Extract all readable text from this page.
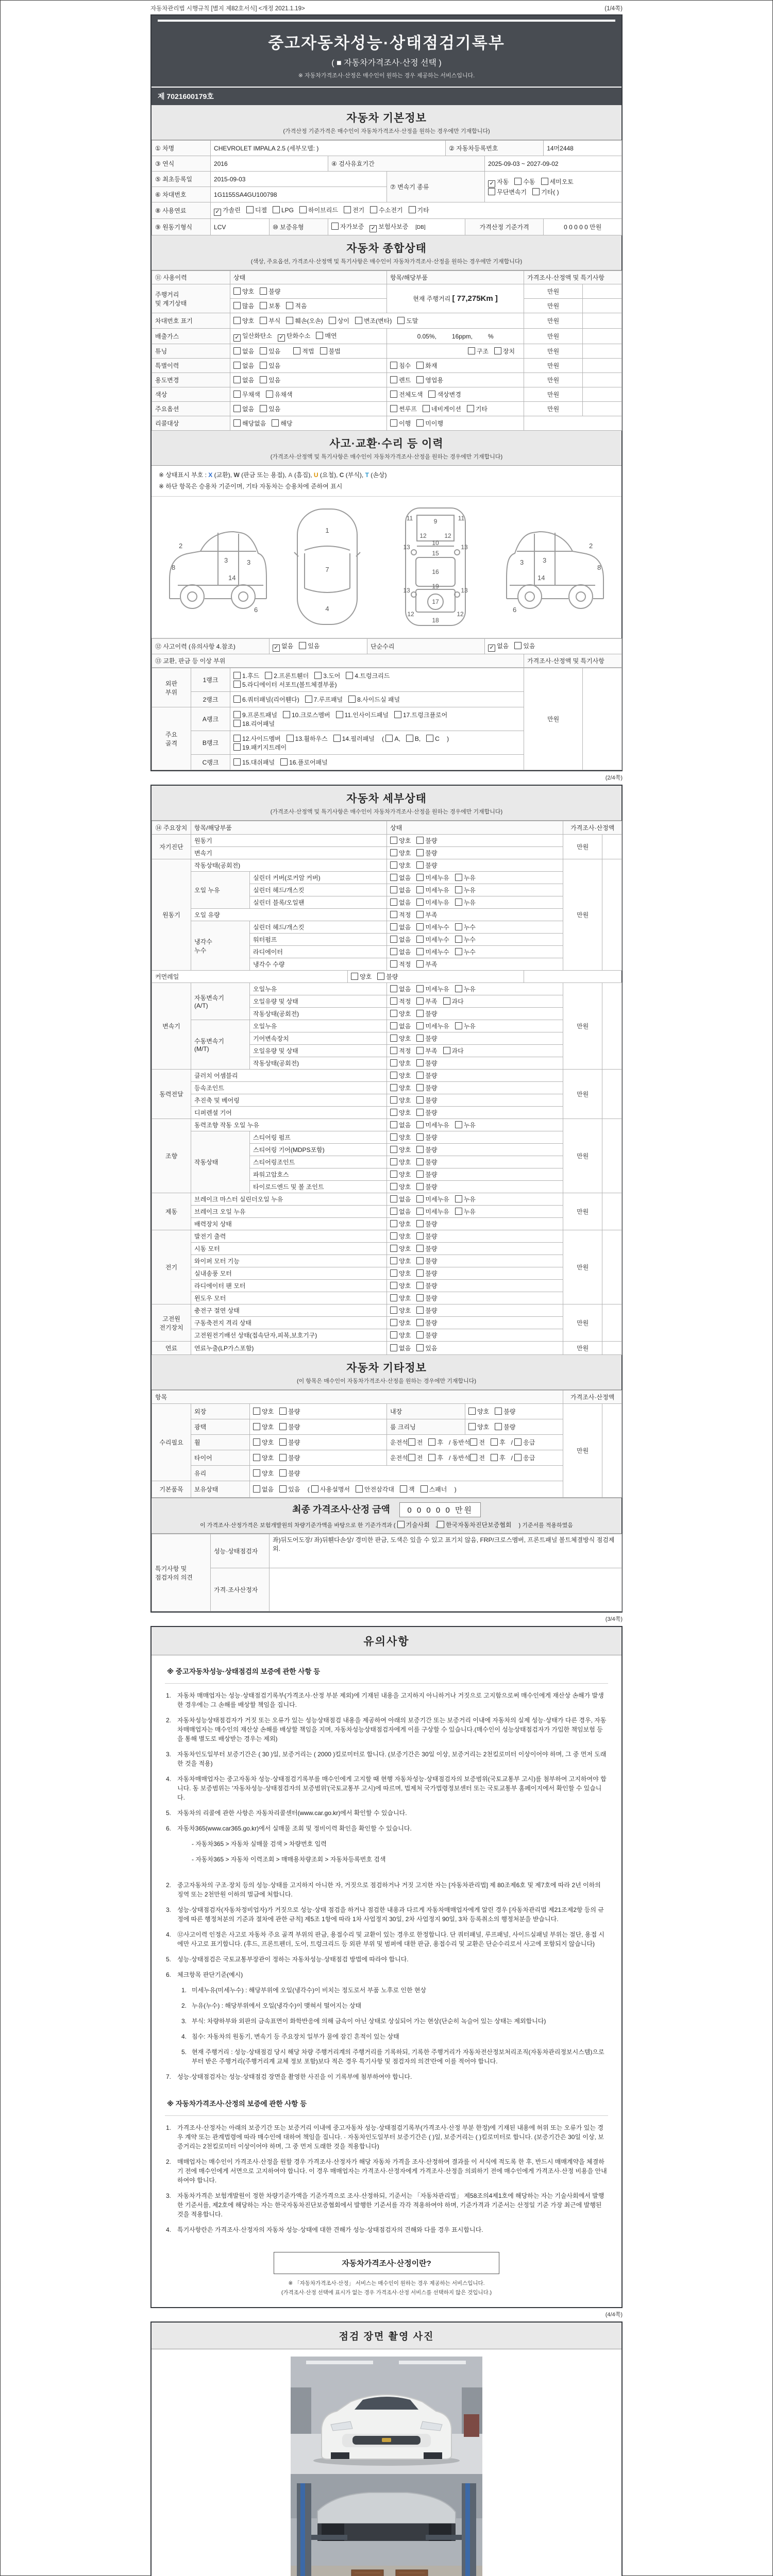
자동차관리법 시행규칙 [별지 제82호서식] <개정 2021.1.19>	(1/4쪽)
중고자동차성능·상태점검기록부
( ■ 자동차가격조사·산정 선택 )
※ 자동차가격조사·산정은 매수인이 원하는 경우 제공하는 서비스입니다.
제 7021600179호
자동차 기본정보
(가격산정 기준가격은 매수인이 자동차가격조사·산정을 원하는 경우에만 기재합니다)
① 차명	CHEVROLET IMPALA 2.5 (세부모델: )				② 자동차등록번호			14머2448
③ 연식	2016		④ 검사유효기간				2025-09-03 ~ 2027-09-02	
⑤ 최초등록일	2015-09-03			⑦ 변속기 종류			✓ 자동 수동 세미오토
무단변속기 기타( )	
⑥ 차대번호	1G1155SA4GU100798							
⑧ 사용연료	✓ 가솔린 디젤 LPG 하이브리드 전기 수소전기 기타							
⑨ 원동기형식	LCV	⑩ 보증유형	자가보증 ✓ 보험사보증 [DB]			가격산정 기준가격		0 0 0 0 0 만원
자동차 종합상태
(색상, 주요옵션, 가격조사·산정액 및 특기사항은 매수인이 자동차가격조사·산정을 원하는 경우에만 기재합니다)
⑪ 사용이력	상태	항목/해당부품	가격조사·산정액 및 특기사항	
주행거리
및 계기상태	양호 불량	현재 주행거리 [ 77,275Km ]	만원	
	많음 보통 적음		만원	
차대번호 표기	양호 부식 훼손(오손) 상이 변조(변타) 도말		만원	
배출가스	✓ 일산화탄소 ✓ 탄화수소 매연	0.05%, 16ppm, %	만원	
튜닝	없음 있음 적법 불법	구조 장치	만원	
특별이력	없음 있음	침수 화재	만원	
용도변경	없음 있음	렌트 영업용	만원	
색상	무채색 유채색	전체도색 색상변경	만원	
주요옵션	없음 있음	썬루프 네비게이션 기타	만원	
리콜대상	해당없음 해당	이행 미이행		
사고·교환·수리 등 이력
(가격조사·산정액 및 특기사항은 매수인이 자동차가격조사·산정을 원하는 경우에만 기재합니다)
※ 상태표시 부호 : X (교환), W (판금 또는 용접), A (흠집), U (요철), C (부식), T (손상)
※ 하단 항목은 승용차 기준이며, 기타 자동차는 승용차에 준하여 표시
2
8
3
14
3
6
1
7
4
9
11	11
13	13
12	12
10
15
16
19
17
13	13
12	12
18
2
8
3
14
3
6
⑫ 사고이력 (유의사항 4.참조)	✓ 없음 있음	단순수리	✓ 없음 있음	
⑬ 교환, 판금 등 이상 부위				가격조사·산정액 및 특기사항
외판
부위	1랭크	1.후드 2.프론트휀더 3.도어 4.트렁크리드
5.라디에이터 서포트(볼트체결부품)	만원	
	2랭크	6.쿼터패널(리어휀다) 7.루프패널 8.사이드실 패널		
주요
골격	A랭크	9.프론트패널 10.크로스멤버 11.인사이드패널 17.트렁크플로어
18.리어패널		
	B랭크	12.사이드멤버 13.휠하우스 14.필러패널 ( A, B, C )
19.패키지트레이		
	C랭크	15.대쉬패널 16.플로어패널		
(2/4쪽)
자동차 세부상태
(가격조사·산정액 및 특기사항은 매수인이 자동차가격조사·산정을 원하는 경우에만 기재합니다)
⑭ 주요장치	항목/해당부품			상태	가격조사·산정액	
자기진단	원동기			양호 불량	만원	
	변속기			양호 불량		
원동기	작동상태(공회전)			양호 불량	만원	
	오일 누유	실린더 커버(로커암 커버)		없음 미세누유 누유		
		실린더 헤드/개스킷		없음 미세누유 누유		
		실린더 블록/오일팬		없음 미세누유 누유		
	오일 유량			적정 부족		
	냉각수
누수	실린더 헤드/개스킷		없음 미세누수 누수		
		워터펌프		없음 미세누수 누수		
		라디에이터		없음 미세누수 누수		
		냉각수 수량		적정 부족		
커먼레일			양호 불량			
변속기	자동변속기
(A/T)	오일누유		없음 미세누유 누유	만원	
		오일유량 및 상태		적정 부족 과다		
		작동상태(공회전)		양호 불량		
	수동변속기
(M/T)	오일누유		없음 미세누유 누유		
		기어변속장치		양호 불량		
		오일유량 및 상태		적정 부족 과다		
		작동상태(공회전)		양호 불량		
동력전달	클러치 어셈블리			양호 불량	만원	
	등속조인트			양호 불량		
	추진축 및 베어링			양호 불량		
	디퍼렌셜 기어			양호 불량		
조향	동력조향 작동 오일 누유			없음 미세누유 누유	만원	
	작동상태	스티어링 펌프		양호 불량		
		스티어링 기어(MDPS포함)		양호 불량		
		스티어링조인트		양호 불량		
		파워고압호스		양호 불량		
		타이로드엔드 및 볼 조인트		양호 불량		
제동	브레이크 마스터 실린더오일 누유			없음 미세누유 누유	만원	
	브레이크 오일 누유			없음 미세누유 누유		
	배력장치 상태			양호 불량		
전기	발전기 출력			양호 불량	만원	
	시동 모터			양호 불량		
	와이퍼 모터 기능			양호 불량		
	실내송풍 모터			양호 불량		
	라디에이터 팬 모터			양호 불량		
	윈도우 모터			양호 불량		
고전원
전기장치	충전구 절연 상태			양호 불량	만원	
	구동축전지 격리 상태			양호 불량		
	고전원전기배선 상태(접속단자,피복,보호기구)			양호 불량		
연료	연료누출(LP가스포함)			없음 있음	만원	
자동차 기타정보
(이 항목은 매수인이 자동차가격조사·산정을 원하는 경우에만 기재합니다)
항목					가격조사·산정액	
수리필요	외장	양호 불량	내장	양호 불량	만원	
	광택	양호 불량	룸 크리닝	양호 불량		
	휠	양호 불량	운전석 전 후 / 동반석 전 후 / 응급			
	타이어	양호 불량	운전석 전 후 / 동반석 전 후 / 응급			
	유리	양호 불량				
기본품목	보유상태	없음 있음 ( 사용설명서 안전삼각대 잭 스패너 )				
최종 가격조사·산정 금액 0 0 0 0 0 만원
이 가격조사·산정가격은 보험개발원의 차량기준가액을 바탕으로 한 기준가격과 ( 기술사회 , 한국자동차진단보증협회 ) 기준서를 적용하였음
특기사항 및
점검자의 의견	성능·상태점검자	좌)뒤도어도장/ 좌)뒤휀다손상/ 경미한 판금, 도색은 있을 수 있고 표기치 않음, FRP/크로스멤버, 프론트패널 볼트체결방식 점검제외.
	가격·조사산정자	
(3/4쪽)
유의사항
※ 중고자동차성능·상태점검의 보증에 관한 사항 등
1. 자동차 매매업자는 성능·상태점검기록부(가격조사·산정 부분 제외)에 기재된 내용을 고지하지 아니하거나 거짓으로 고지함으로써 매수인에게 재산상 손해가 발생한 경우에는 그 손해를 배상할 책임을 집니다.
2. 자동차성능상태점검자가 거짓 또는 오류가 있는 성능상태점검 내용을 제공하여 아래의 보증기간 또는 보증거리 이내에 자동차의 실제 성능·상태가 다른 경우, 자동차매매업자는 매수인의 재산상 손해를 배상할 책임을 지며, 자동차성능상태점검자에게 이를 구상할 수 있습니다.(매수인이 성능상태점검자가 가입한 책임보험 등을 통해 별도로 배상받는 경우는 제외)
3. 자동차인도일부터 보증기간은 ( 30 )일, 보증거리는 ( 2000 )킬로미터로 합니다. (보증기간은 30일 이상, 보증거리는 2천킬로미터 이상이어야 하며, 그 중 먼저 도래한 것을 적용)
4. 자동차매매업자는 중고자동차 성능·상태점검기록부를 매수인에게 고지할 때 현행 자동차성능·상태점검자의 보증범위(국토교통부 고시)를 첨부하여 고지하여야 합니다. 동 보증범위는 '자동차성능·상태점검자의 보증범위'(국토교통부 고시)에 따르며, 법제처 국가법령정보센터 또는 국토교통부 홈페이지에서 확인할 수 있습니다.
5. 자동차의 리콜에 관한 사항은 자동차리콜센터(www.car.go.kr)에서 확인할 수 있습니다.
6. 자동차365(www.car365.go.kr)에서 실매물 조회 및 정비이력 확인을 확인할 수 있습니다.
- 자동차365 > 자동차 실매물 검색 > 차량번호 입력
- 자동차365 > 자동차 이력조회 > 매매용차량조회 > 자동차등록번호 검색
2. 중고자동차의 구조·장치 등의 성능·상태를 고지하지 아니한 자, 거짓으로 점검하거나 거짓 고지한 자는 [자동차관리법] 제 80조제6호 및 제7호에 따라 2년 이하의 징역 또는 2천만원 이하의 벌금에 처합니다.
3. 성능·상태점검자(자동차정비업자)가 거짓으로 성능·상태 점검을 하거나 점검한 내용과 다르게 자동차매매업자에게 알린 경우 [자동차관리법 제21조제2항 등의 규정에 따른 행정처분의 기준과 절차에 관한 규칙] 제5조 1항에 따라 1차 사업정지 30일, 2차 사업정지 90일, 3차 등록취소의 행정처분을 받습니다.
4. ⑫사고이력 인정은 사고로 자동차 주요 골격 부위의 판금, 용접수리 및 교환이 있는 경우로 한정합니다. 단 쿼터패널, 루프패널, 사이드실패널 부위는 절단, 용접 시에만 사고로 표기합니다. (후드, 프론트펜더, 도어, 트렁크리드 등 외판 부위 및 범퍼에 대한 판금, 용접수리 및 교환은 단순수리로서 사고에 포함되지 않습니다)
5. 성능·상태점검은 국토교통부장관이 정하는 자동차성능·상태점검 방법에 따라야 합니다.
6. 체크항목 판단기준(예시)
1. 미세누유(미세누수) : 해당부위에 오일(냉각수)이 비치는 정도로서 부품 노후로 인한 현상
2. 누유(누수) : 해당부위에서 오일(냉각수)이 맺혀서 떨어지는 상태
3. 부식: 차량하부와 외판의 금속표면이 화학반응에 의해 금속이 아닌 상태로 상실되어 가는 현상(단순히 녹슬어 있는 상태는 제외합니다)
4. 침수: 자동차의 원동기, 변속기 등 주요장치 일부가 물에 잠긴 흔적이 있는 상태
5. 현재 주행거리 : 성능·상태점검 당시 해당 차량 주행거리계의 주행거리를 기록하되, 기록한 주행거리가 자동차전산정보처리조직(자동차관리정보시스템)으로부터 받은 주행거리(주행거리계 교체 정보 포함)보다 적은 경우 특기사항 및 점검자의 의견'란에 이를 적어야 합니다.
7. 성능·상태점검자는 성능·상태점검 장면을 촬영한 사진을 이 기록부에 첨부하여야 합니다.
※ 자동차가격조사·산정의 보증에 관한 사항 등
1. 가격조사·산정자는 아래의 보증기간 또는 보증거리 이내에 중고자동차 성능·상태점검기록부(가격조사·산정 부분 한정)에 기재된 내용에 허위 또는 오류가 있는 경우 계약 또는 관계법령에 따라 매수인에 대하여 책임을 집니다. · 자동차인도일부터 보증기간은 ( )일, 보증거리는 ( )킬로미터로 합니다. (보증기간은 30일 이상, 보증거리는 2천킬로미터 이상이어야 하며, 그 중 먼저 도래한 것을 적용합니다)
2. 매매업자는 매수인이 가격조사·산정을 원할 경우 가격조사·산정자가 해당 자동차 가격을 조사·산정하여 결과를 이 서식에 적도록 한 후, 반드시 매매계약을 체결하기 전에 매수인에게 서면으로 고지하여야 합니다. 이 경우 매매업자는 가격조사·산정자에게 가격조사·산정을 의뢰하기 전에 매수인에게 가격조사·산정 비용을 안내하여야 합니다.
3. 자동차가격은 보험개발원이 정한 차량기준가액을 기준가격으로 조사·산정하되, 기준서는 「자동차관리법」 제58조의4제1호에 해당하는 자는 기술사회에서 발행한 기준서를, 제2호에 해당하는 자는 한국자동차진단보증협회에서 발행한 기준서를 각각 적용하여야 하며, 기준가격과 기준서는 산정일 기준 가장 최근에 발행된 것을 적용합니다.
4. 특기사항란은 가격조사·산정자의 자동차 성능·상태에 대한 견해가 성능·상태점검자의 견해와 다를 경우 표시합니다.
자동차가격조사·산정이란?
※ 「자동차가격조사·산정」 서비스는 매수인이 원하는 경우 제공하는 서비스입니다.
(가격조사·산정 선택에 표시가 없는 경우 가격조사·산정 서비스를 선택하지 않은 것입니다.)
(4/4쪽)
점검 장면 촬영 사진
